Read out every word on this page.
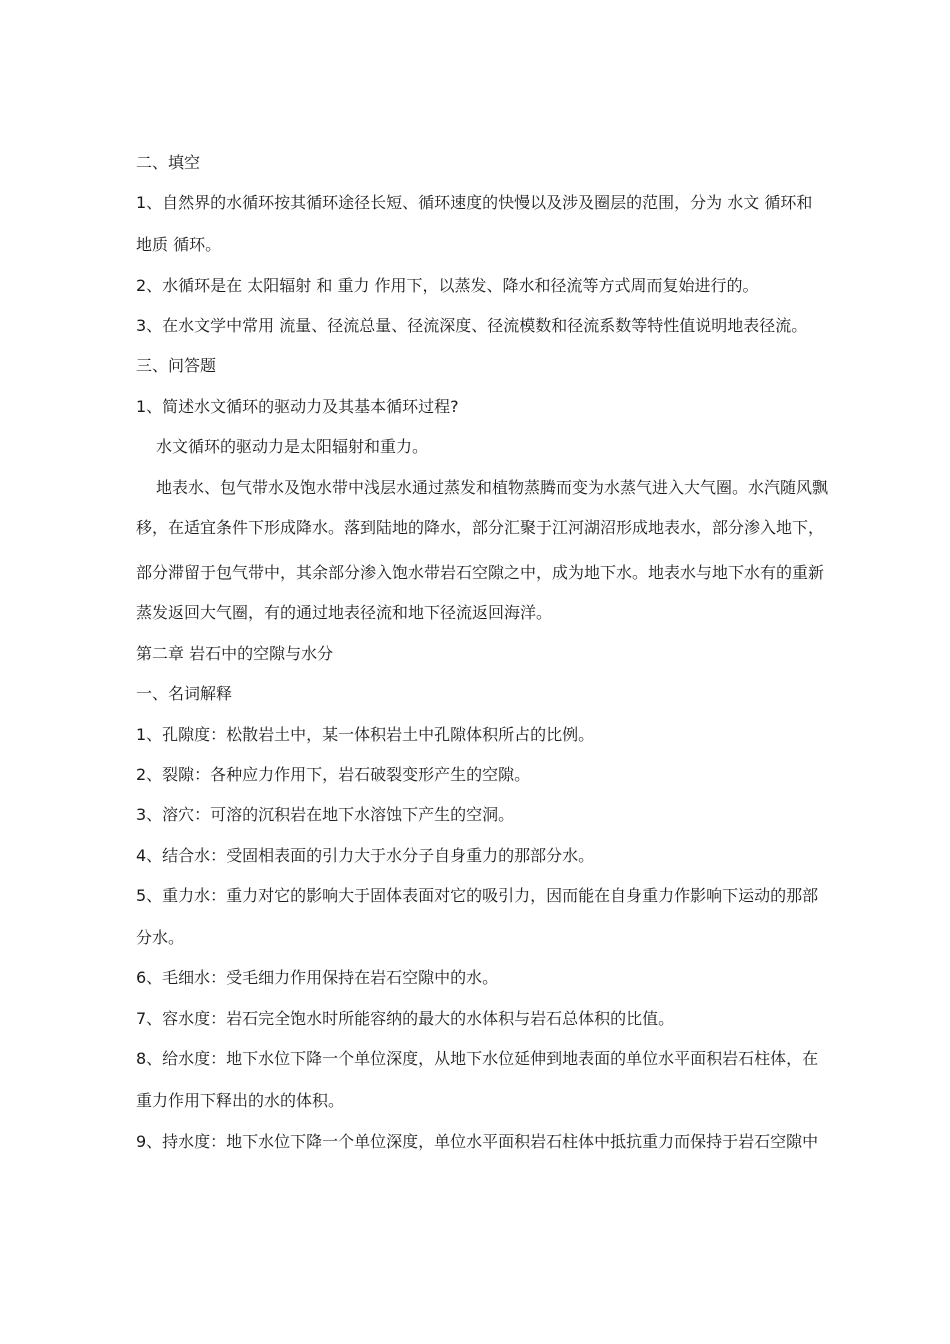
二、填空
1、自然界的水循环按其循环途径长短、循环速度的快慢以及涉及圈层的范围，分为 水文 循环和
地质 循环。
2、水循环是在 太阳辐射 和 重力 作用下，以蒸发、降水和径流等方式周而复始进行的。
3、在水文学中常用 流量、径流总量、径流深度、径流模数和径流系数等特性值说明地表径流。
三、问答题
1、简述水文循环的驱动力及其基本循环过程?
水文循环的驱动力是太阳辐射和重力。
地表水、包气带水及饱水带中浅层水通过蒸发和植物蒸腾而变为水蒸气进入大气圈。水汽随风飘
移，在适宜条件下形成降水。落到陆地的降水，部分汇聚于江河湖沼形成地表水，部分渗入地下，
部分滞留于包气带中，其余部分渗入饱水带岩石空隙之中，成为地下水。地表水与地下水有的重新
蒸发返回大气圈，有的通过地表径流和地下径流返回海洋。
第二章 岩石中的空隙与水分
一、名词解释
1、孔隙度：松散岩土中，某一体积岩土中孔隙体积所占的比例。
2、裂隙：各种应力作用下，岩石破裂变形产生的空隙。
3、溶穴：可溶的沉积岩在地下水溶蚀下产生的空洞。
4、结合水：受固相表面的引力大于水分子自身重力的那部分水。
5、重力水：重力对它的影响大于固体表面对它的吸引力，因而能在自身重力作影响下运动的那部
分水。
6、毛细水：受毛细力作用保持在岩石空隙中的水。
7、容水度：岩石完全饱水时所能容纳的最大的水体积与岩石总体积的比值。
8、给水度：地下水位下降一个单位深度，从地下水位延伸到地表面的单位水平面积岩石柱体，在
重力作用下释出的水的体积。
9、持水度：地下水位下降一个单位深度，单位水平面积岩石柱体中抵抗重力而保持于岩石空隙中
